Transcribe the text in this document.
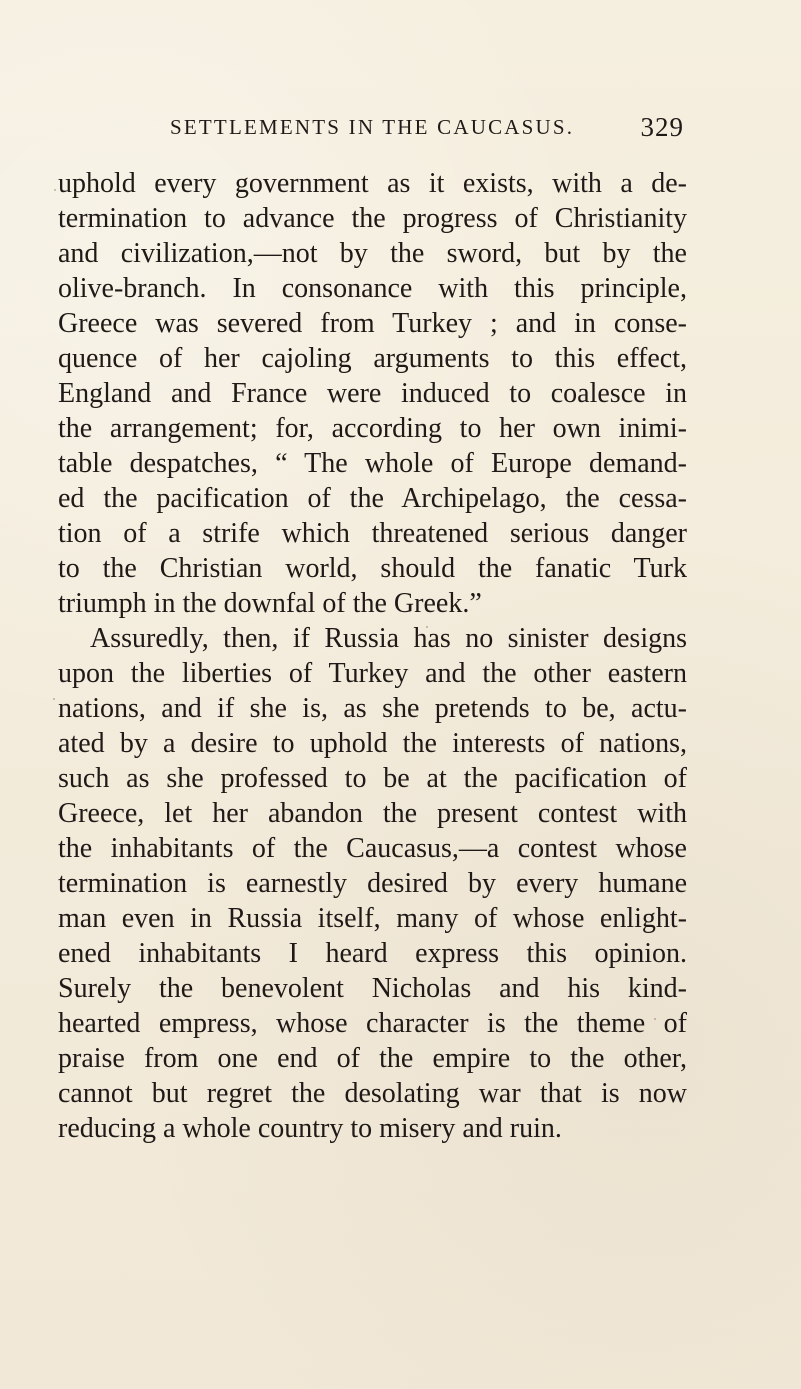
SETTLEMENTS IN THE CAUCASUS. 329
uphold every government as it exists, with a de-
termination to advance the progress of Christianity
and civilization,—not by the sword, but by the
olive-branch. In consonance with this principle,
Greece was severed from Turkey ; and in conse-
quence of her cajoling arguments to this effect,
England and France were induced to coalesce in
the arrangement; for, according to her own inimi-
table despatches, “ The whole of Europe demand-
ed the pacification of the Archipelago, the cessa-
tion of a strife which threatened serious danger
to the Christian world, should the fanatic Turk
triumph in the downfal of the Greek.”
Assuredly, then, if Russia has no sinister designs
upon the liberties of Turkey and the other eastern
nations, and if she is, as she pretends to be, actu-
ated by a desire to uphold the interests of nations,
such as she professed to be at the pacification of
Greece, let her abandon the present contest with
the inhabitants of the Caucasus,—a contest whose
termination is earnestly desired by every humane
man even in Russia itself, many of whose enlight-
ened inhabitants I heard express this opinion.
Surely the benevolent Nicholas and his kind-
hearted empress, whose character is the theme of
praise from one end of the empire to the other,
cannot but regret the desolating war that is now
reducing a whole country to misery and ruin.
